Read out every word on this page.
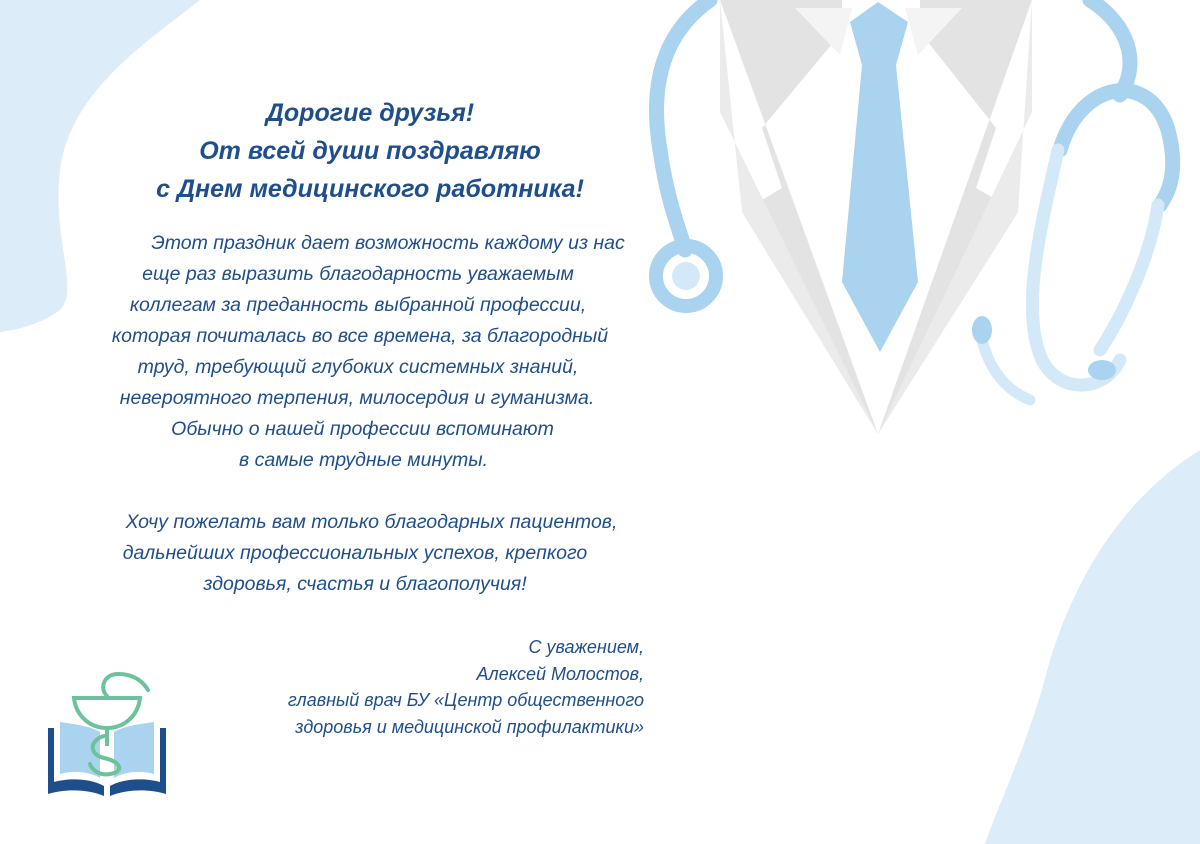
Дорогие друзья!
От всей души поздравляю
с Днем медицинского работника!
Этот праздник дает возможность каждому из нас
еще раз выразить благодарность уважаемым
коллегам за преданность выбранной профессии,
которая почиталась во все времена, за благородный
труд, требующий глубоких системных знаний,
невероятного терпения, милосердия и гуманизма.
Обычно о нашей профессии вспоминают
в самые трудные минуты.
Хочу пожелать вам только благодарных пациентов,
дальнейших профессиональных успехов, крепкого
здоровья, счастья и благополучия!
С уважением,
Алексей Молостов,
главный врач БУ «Центр общественного
здоровья и медицинской профилактики»
